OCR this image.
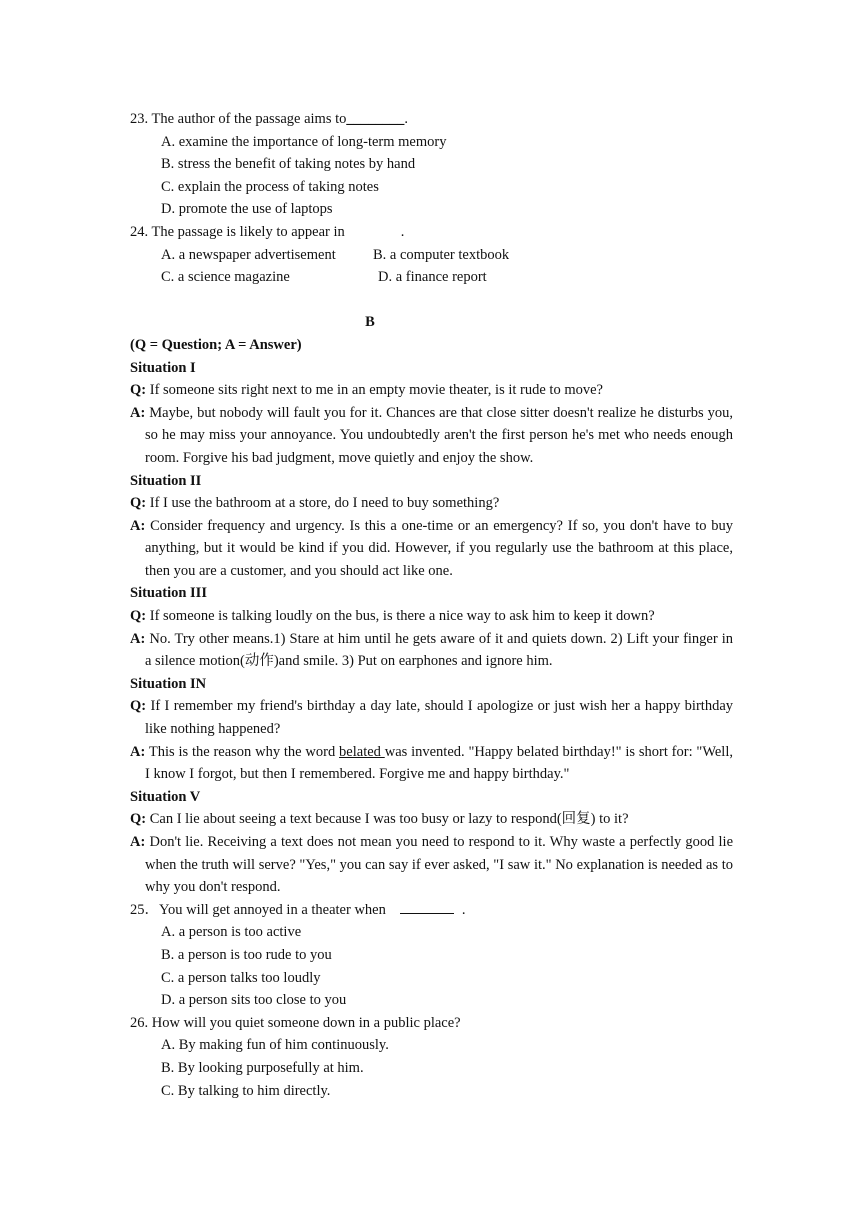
23. The author of the passage aims to________.
A. examine the importance of long-term memory
B. stress the benefit of taking notes by hand
C. explain the process of taking notes
D. promote the use of laptops
24. The passage is likely to appear in	.
A. a newspaper advertisement	B. a computer textbook
C. a science magazine	D. a finance report
B
(Q = Question; A = Answer)
Situation I
Q: If someone sits right next to me in an empty movie theater, is it rude to move?
A: Maybe, but nobody will fault you for it. Chances are that close sitter doesn't realize he disturbs you, so he may miss your annoyance. You undoubtedly aren't the first person he's met who needs enough room. Forgive his bad judgment, move quietly and enjoy the show.
Situation II
Q: If I use the bathroom at a store, do I need to buy something?
A: Consider frequency and urgency. Is this a one-time or an emergency? If so, you don't have to buy anything, but it would be kind if you did. However, if you regularly use the bathroom at this place, then you are a customer, and you should act like one.
Situation III
Q: If someone is talking loudly on the bus, is there a nice way to ask him to keep it down?
A: No. Try other means.1) Stare at him until he gets aware of it and quiets down. 2) Lift your finger in a silence motion(动作)and smile. 3) Put on earphones and ignore him.
Situation IN
Q: If I remember my friend's birthday a day late, should I apologize or just wish her a happy birthday like nothing happened?
A: This is the reason why the word belated was invented. "Happy belated birthday!" is short for: "Well, I know I forgot, but then I remembered. Forgive me and happy birthday."
Situation V
Q: Can I lie about seeing a text because I was too busy or lazy to respond(回复) to it?
A: Don't lie. Receiving a text does not mean you need to respond to it. Why waste a perfectly good lie when the truth will serve? "Yes," you can say if ever asked, "I saw it." No explanation is needed as to why you don't respond.
25．You will get annoyed in a theater when	.
A. a person is too active
B. a person is too rude to you
C. a person talks too loudly
D. a person sits too close to you
26. How will you quiet someone down in a public place?
A. By making fun of him continuously.
B. By looking purposefully at him.
C. By talking to him directly.
